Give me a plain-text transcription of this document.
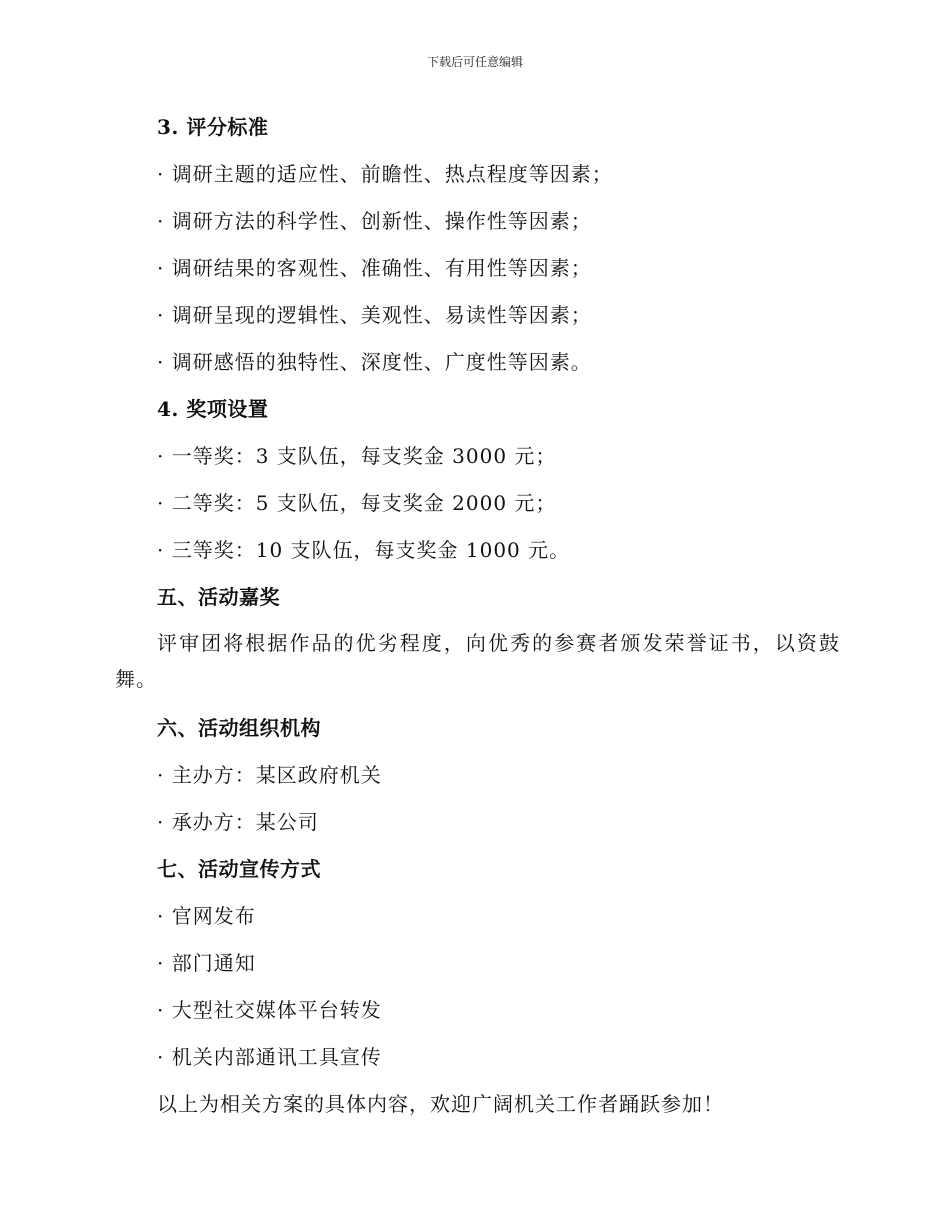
下载后可任意编辑
3. 评分标准
· 调研主题的适应性、前瞻性、热点程度等因素；
· 调研方法的科学性、创新性、操作性等因素；
· 调研结果的客观性、准确性、有用性等因素；
· 调研呈现的逻辑性、美观性、易读性等因素；
· 调研感悟的独特性、深度性、广度性等因素。
4. 奖项设置
· 一等奖：3 支队伍，每支奖金 3000 元；
· 二等奖：5 支队伍，每支奖金 2000 元；
· 三等奖：10 支队伍，每支奖金 1000 元。
五、活动嘉奖
评审团将根据作品的优劣程度，向优秀的参赛者颁发荣誉证书，以资鼓舞。
六、活动组织机构
· 主办方：某区政府机关
· 承办方：某公司
七、活动宣传方式
· 官网发布
· 部门通知
· 大型社交媒体平台转发
· 机关内部通讯工具宣传
以上为相关方案的具体内容，欢迎广阔机关工作者踊跃参加！
